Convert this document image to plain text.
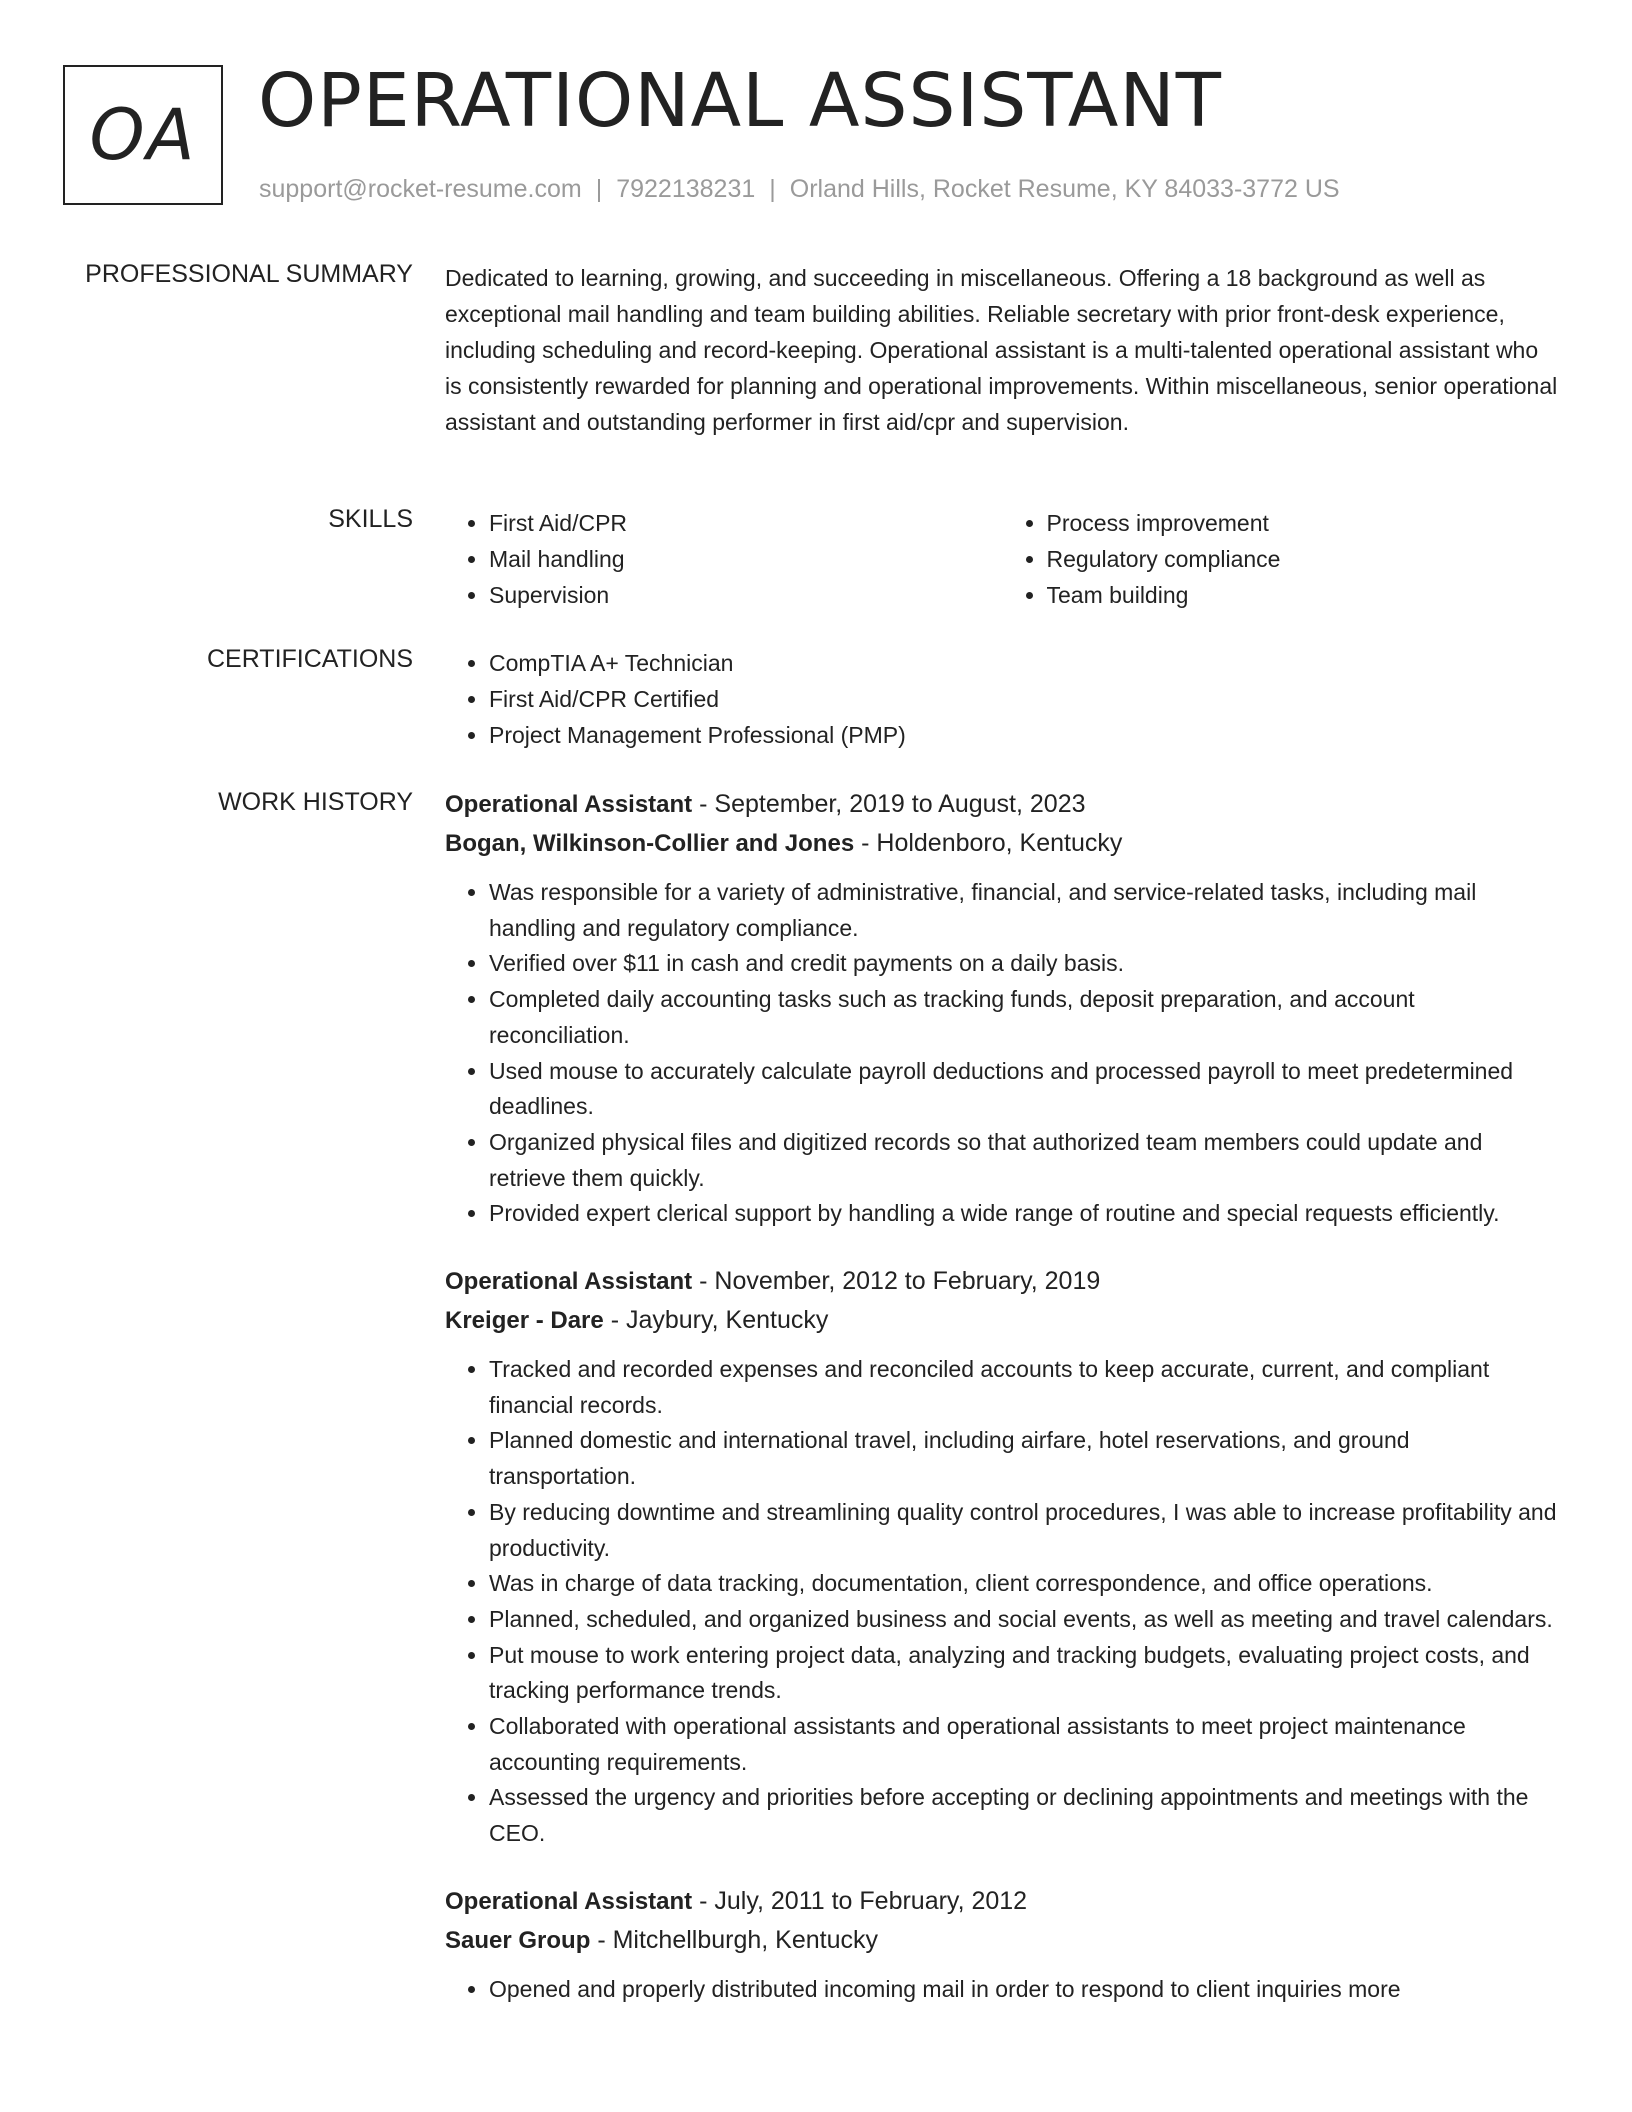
OA OPERATIONAL ASSISTANT
support@rocket-resume.com | 7922138231 | Orland Hills, Rocket Resume, KY 84033-3772 US
PROFESSIONAL SUMMARY Dedicated to learning, growing, and succeeding in miscellaneous. Offering a 18 background as well as exceptional mail handling and team building abilities. Reliable secretary with prior front-desk experience, including scheduling and record-keeping. Operational assistant is a multi-talented operational assistant who is consistently rewarded for planning and operational improvements. Within miscellaneous, senior operational assistant and outstanding performer in first aid/cpr and supervision.

SKILLS	• First Aid/CPR
• Mail handling
• Supervision
• Process improvement
• Regulatory compliance
• Team building
CERTIFICATIONS	• CompTIA A+ Technician
• First Aid/CPR Certified
• Project Management Professional (PMP)
WORK HISTORY Operational Assistant - September, 2019 to August, 2023
Bogan, Wilkinson-Collier and Jones - Holdenboro, Kentucky
• Was responsible for a variety of administrative, financial, and service-related tasks, including mail handling and regulatory compliance.
• Verified over $11 in cash and credit payments on a daily basis.
• Completed daily accounting tasks such as tracking funds, deposit preparation, and account reconciliation.
• Used mouse to accurately calculate payroll deductions and processed payroll to meet predetermined deadlines.
• Organized physical files and digitized records so that authorized team members could update and retrieve them quickly.
• Provided expert clerical support by handling a wide range of routine and special requests efficiently.
Operational Assistant - November, 2012 to February, 2019
Kreiger - Dare - Jaybury, Kentucky
• Tracked and recorded expenses and reconciled accounts to keep accurate, current, and compliant financial records.
• Planned domestic and international travel, including airfare, hotel reservations, and ground transportation.
• By reducing downtime and streamlining quality control procedures, I was able to increase profitability and productivity.
• Was in charge of data tracking, documentation, client correspondence, and office operations.
• Planned, scheduled, and organized business and social events, as well as meeting and travel calendars.
• Put mouse to work entering project data, analyzing and tracking budgets, evaluating project costs, and tracking performance trends.
• Collaborated with operational assistants and operational assistants to meet project maintenance accounting requirements.
• Assessed the urgency and priorities before accepting or declining appointments and meetings with the CEO.
Operational Assistant - July, 2011 to February, 2012
Sauer Group - Mitchellburgh, Kentucky
• Opened and properly distributed incoming mail in order to respond to client inquiries more
